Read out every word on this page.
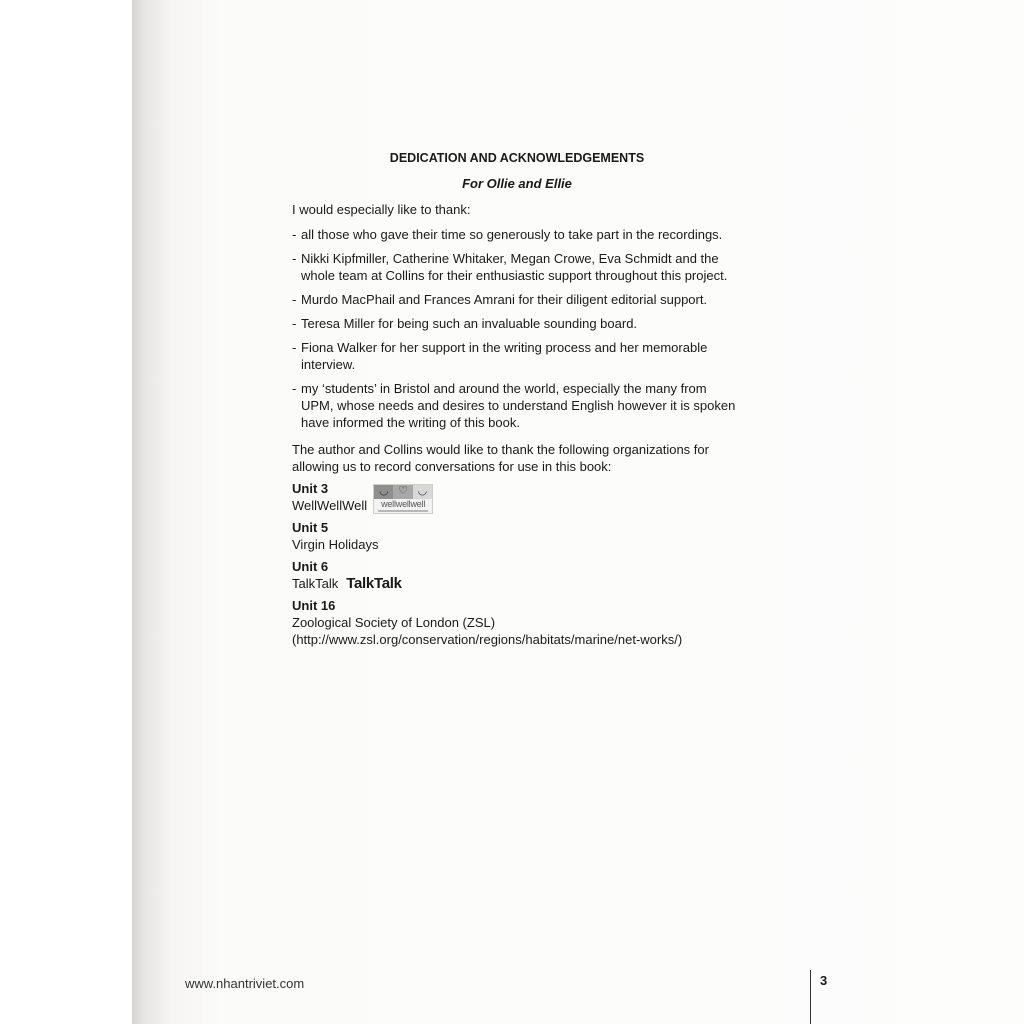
DEDICATION AND ACKNOWLEDGEMENTS
For Ollie and Ellie
I would especially like to thank:
- all those who gave their time so generously to take part in the recordings.
- Nikki Kipfmiller, Catherine Whitaker, Megan Crowe, Eva Schmidt and the whole team at Collins for their enthusiastic support throughout this project.
- Murdo MacPhail and Frances Amrani for their diligent editorial support.
- Teresa Miller for being such an invaluable sounding board.
- Fiona Walker for her support in the writing process and her memorable interview.
- my ‘students’ in Bristol and around the world, especially the many from UPM, whose needs and desires to understand English however it is spoken have informed the writing of this book.
The author and Collins would like to thank the following organizations for allowing us to record conversations for use in this book:
Unit 3
WellWellWell
◡ ♡ ◡
wellwellwell
Unit 5
Virgin Holidays
Unit 6
TalkTalk TalkTalk
Unit 16
Zoological Society of London (ZSL)
(http://www.zsl.org/conservation/regions/habitats/marine/net-works/)
www.nhantriviet.com	3
